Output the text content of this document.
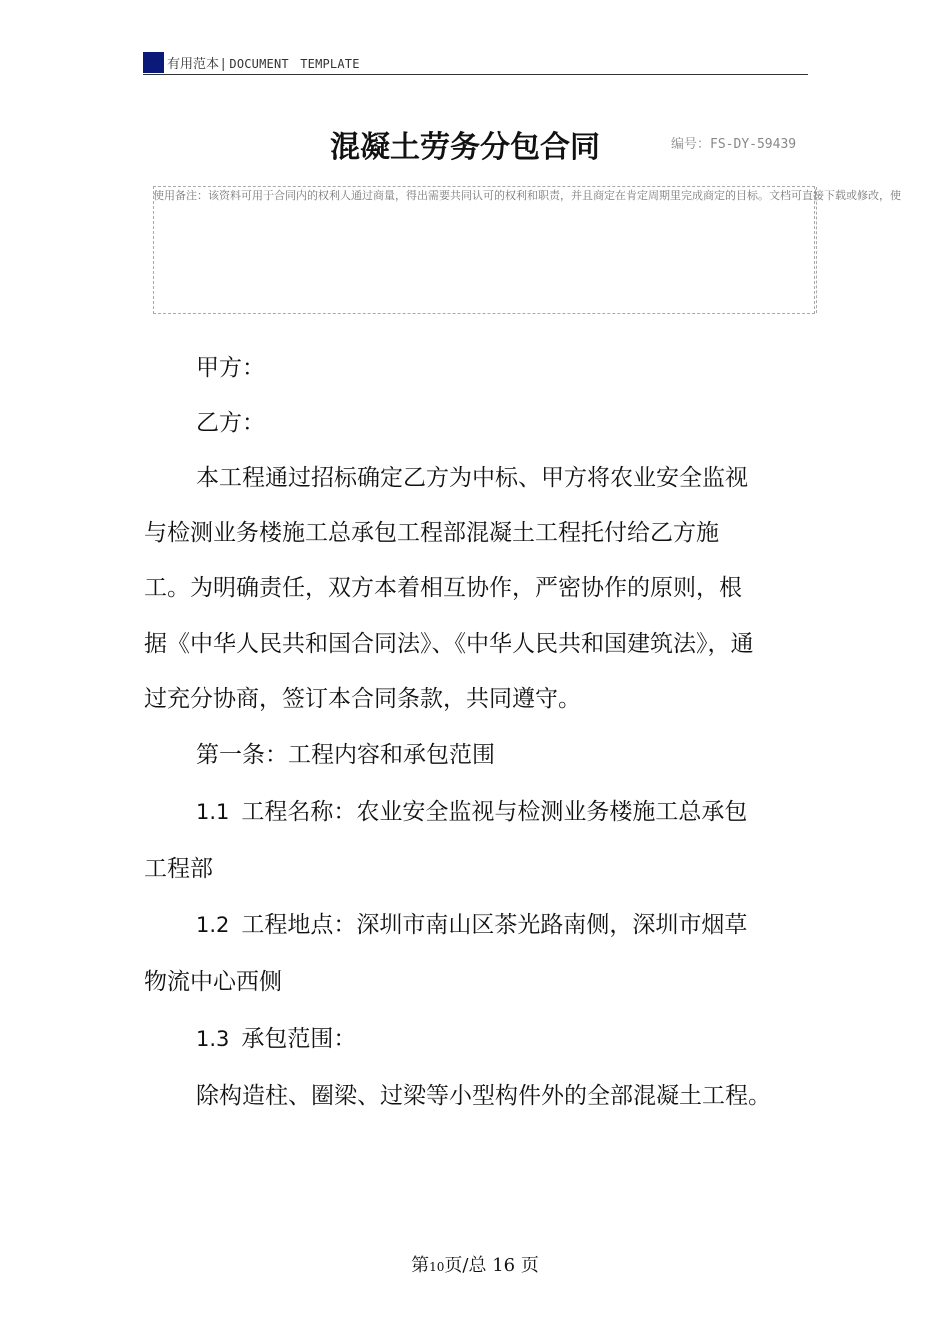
有用范本 | DOCUMENT TEMPLATE
混凝土劳务分包合同	编号：FS-DY-59439
使用备注：该资料可用于合同内的权利人通过商量，得出需要共同认可的权利和职责，并且商定在肯定周期里完成商定的目标。文档可直接下载或修改，使
甲方：
乙方：
本工程通过招标确定乙方为中标、甲方将农业安全监视
与检测业务楼施工总承包工程部混凝土工程托付给乙方施
工。为明确责任，双方本着相互协作，严密协作的原则，根
据《中华人民共和国合同法》、《中华人民共和国建筑法》，通
过充分协商，签订本合同条款，共同遵守。
第一条：工程内容和承包范围
1.1 工程名称：农业安全监视与检测业务楼施工总承包
工程部
1.2 工程地点：深圳市南山区茶光路南侧，深圳市烟草
物流中心西侧
1.3 承包范围：
除构造柱、圈梁、过梁等小型构件外的全部混凝土工程。
第10页/总 16 页
